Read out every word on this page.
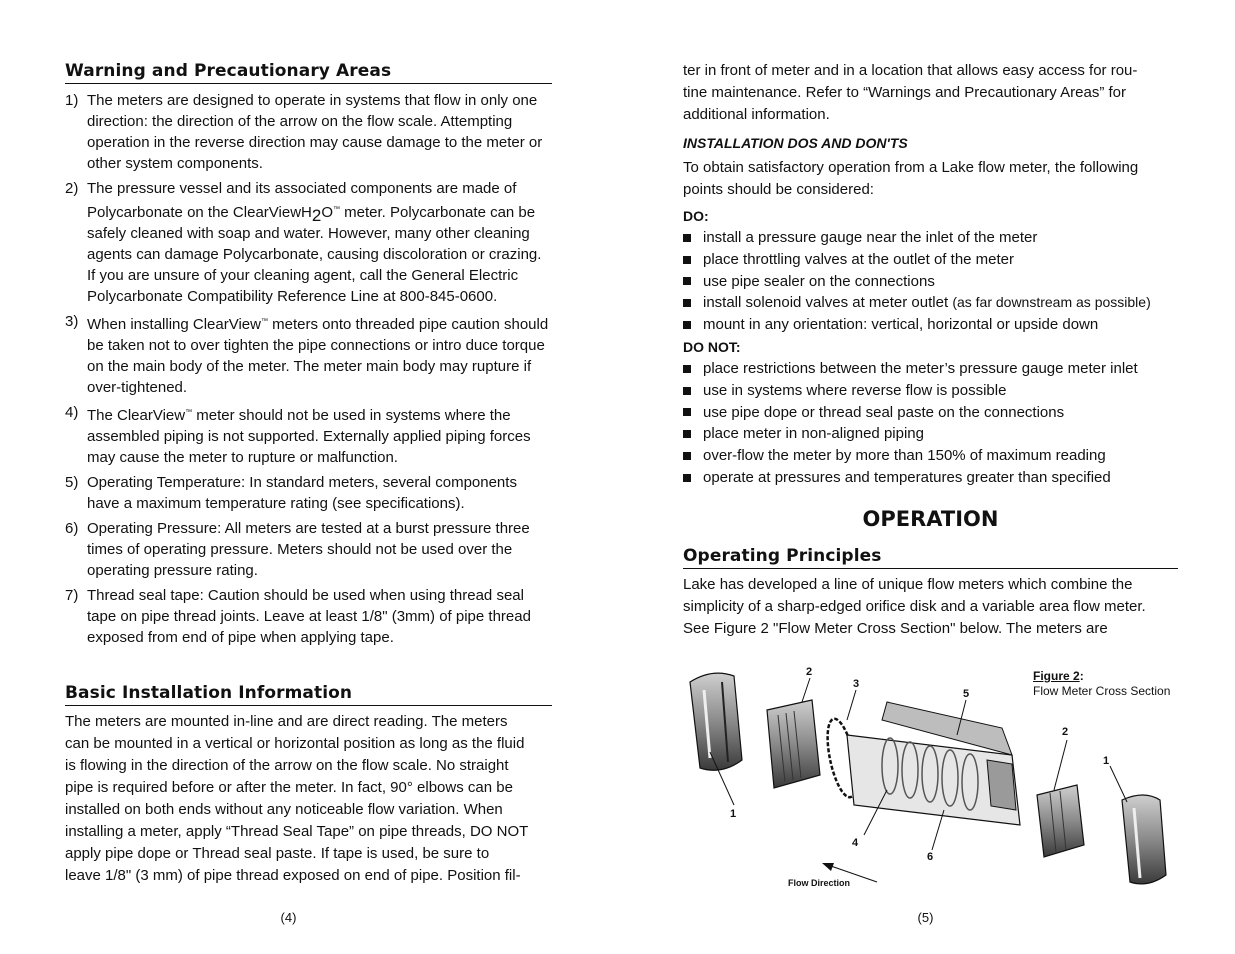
Warning and Precautionary Areas
1) The meters are designed to operate in systems that flow in only one direction: the direction of the arrow on the flow scale. Attempting operation in the reverse direction may cause damage to the meter or other system components.
2) The pressure vessel and its associated components are made of Polycarbonate on the ClearViewH2O™ meter. Polycarbonate can be safely cleaned with soap and water. However, many other cleaning agents can damage Polycarbonate, causing discoloration or crazing. If you are unsure of your cleaning agent, call the General Electric Polycarbonate Compatibility Reference Line at 800-845-0600.
3) When installing ClearView™ meters onto threaded pipe caution should be taken not to over tighten the pipe connections or intro duce torque on the main body of the meter. The meter main body may rupture if over-tightened.
4) The ClearView™ meter should not be used in systems where the assembled piping is not supported. Externally applied piping forces may cause the meter to rupture or malfunction.
5) Operating Temperature: In standard meters, several components have a maximum temperature rating (see specifications).
6) Operating Pressure: All meters are tested at a burst pressure three times of operating pressure. Meters should not be used over the operating pressure rating.
7) Thread seal tape: Caution should be used when using thread seal tape on pipe thread joints. Leave at least 1/8" (3mm) of pipe thread exposed from end of pipe when applying tape.
Basic Installation Information

The meters are mounted in-line and are direct reading. The meters

can be mounted in a vertical or horizontal position as long as the fluid

is flowing in the direction of the arrow on the flow scale. No straight

pipe is required before or after the meter. In fact, 90° elbows can be

installed on both ends without any noticeable flow variation. When

installing a meter, apply “Thread Seal Tape” on pipe threads, DO NOT

apply pipe dope or Thread seal paste. If tape is used, be sure to

leave 1/8" (3 mm) of pipe thread exposed on end of pipe. Position fil-

(4)

ter in front of meter and in a location that allows easy access for rou-

tine maintenance. Refer to “Warnings and Precautionary Areas” for

additional information.

INSTALLATION DOS AND DON'TS

To obtain satisfactory operation from a Lake flow meter, the following

points should be considered:

DO:
install a pressure gauge near the inlet of the meter
place throttling valves at the outlet of the meter
use pipe sealer on the connections
install solenoid valves at meter outlet (as far downstream as possible)
mount in any orientation: vertical, horizontal or upside down
DO NOT:
place restrictions between the meter’s pressure gauge meter inlet
use in systems where reverse flow is possible
use pipe dope or thread seal paste on the connections
place meter in non-aligned piping
over-flow the meter by more than 150% of maximum reading
operate at pressures and temperatures greater than specified
OPERATION
Operating Principles

Lake has developed a line of unique flow meters which combine the

simplicity of a sharp-edged orifice disk and a variable area flow meter.

See Figure 2 "Flow Meter Cross Section" below. The meters are

Figure 2:
Flow Meter Cross Section
(5)
1
2
3
5
2
1
4
6
Flow Direction
